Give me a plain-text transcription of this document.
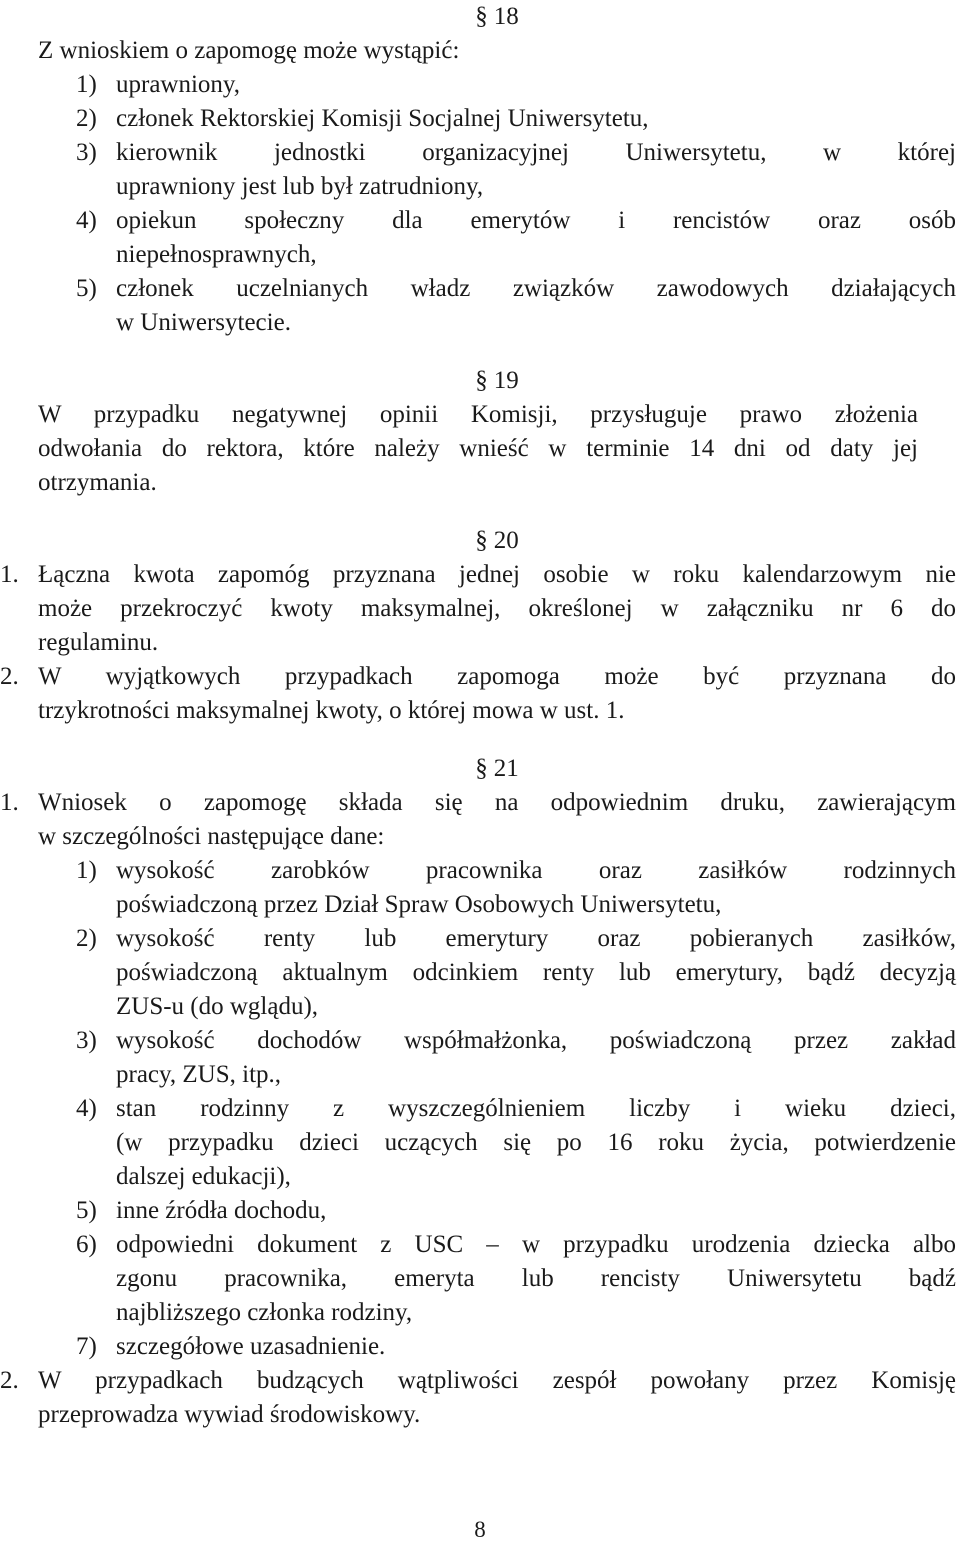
§ 18
Z wnioskiem o zapomogę może wystąpić:
1) uprawniony,
2) członek Rektorskiej Komisji Socjalnej Uniwersytetu,
3) kierownik jednostki organizacyjnej Uniwersytetu, w której
uprawniony jest lub był zatrudniony,
4) opiekun społeczny dla emerytów i rencistów oraz osób
niepełnosprawnych,
5) członek uczelnianych władz związków zawodowych działających
w Uniwersytecie.
§ 19
W przypadku negatywnej opinii Komisji, przysługuje prawo złożenia
odwołania do rektora, które należy wnieść w terminie 14 dni od daty jej
otrzymania.
§ 20
1. Łączna kwota zapomóg przyznana jednej osobie w roku kalendarzowym nie
może przekroczyć kwoty maksymalnej, określonej w załączniku nr 6 do
regulaminu.
2. W wyjątkowych przypadkach zapomoga może być przyznana do
trzykrotności maksymalnej kwoty, o której mowa w ust. 1.
§ 21
1. Wniosek o zapomogę składa się na odpowiednim druku, zawierającym
w szczególności następujące dane:
1) wysokość zarobków pracownika oraz zasiłków rodzinnych
poświadczoną przez Dział Spraw Osobowych Uniwersytetu,
2) wysokość renty lub emerytury oraz pobieranych zasiłków,
poświadczoną aktualnym odcinkiem renty lub emerytury, bądź decyzją
ZUS-u (do wglądu),
3) wysokość dochodów współmałżonka, poświadczoną przez zakład
pracy, ZUS, itp.,
4) stan rodzinny z wyszczególnieniem liczby i wieku dzieci,
(w przypadku dzieci uczących się po 16 roku życia, potwierdzenie
dalszej edukacji),
5) inne źródła dochodu,
6) odpowiedni dokument z USC – w przypadku urodzenia dziecka albo
zgonu pracownika, emeryta lub rencisty Uniwersytetu bądź
najbliższego członka rodziny,
7) szczegółowe uzasadnienie.
2. W przypadkach budzących wątpliwości zespół powołany przez Komisję
przeprowadza wywiad środowiskowy.
8
